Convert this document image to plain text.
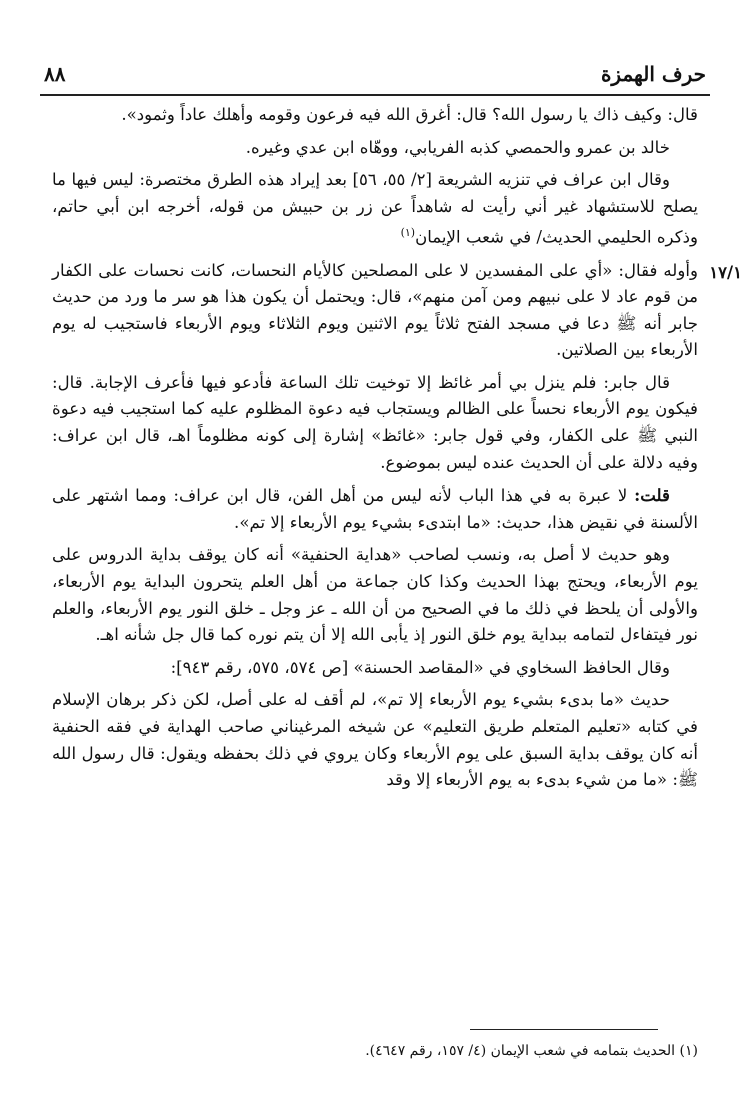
٨٨	حرف الهمزة
١٧/١

قال: وكيف ذاك يا رسول الله؟ قال: أغرق الله فيه فرعون وقومه وأهلك عاداً وثمود».

خالد بن عمرو والحمصي كذبه الفريابي، ووهّاه ابن عدي وغيره.

وقال ابن عراف في تنزيه الشريعة [٢/ ٥٥، ٥٦] بعد إيراد هذه الطرق مختصرة: ليس فيها ما يصلح للاستشهاد غير أني رأيت له شاهداً عن زر بن حبيش من قوله، أخرجه ابن أبي حاتم، وذكره الحليمي الحديث/ في شعب الإيمان$^{(١)}$

وأوله فقال: «أي على المفسدين لا على المصلحين كالأيام النحسات، كانت نحسات على الكفار من قوم عاد لا على نبيهم ومن آمن منهم»، قال: ويحتمل أن يكون هذا هو سر ما ورد من حديث جابر أنه ﷺ دعا في مسجد الفتح ثلاثاً يوم الاثنين ويوم الثلاثاء ويوم الأربعاء فاستجيب له يوم الأربعاء بين الصلاتين.

قال جابر: فلم ينزل بي أمر غائظ إلا توخيت تلك الساعة فأدعو فيها فأعرف الإجابة. قال: فيكون يوم الأربعاء نحساً على الظالم ويستجاب فيه دعوة المظلوم عليه كما استجيب فيه دعوة النبي ﷺ على الكفار، وفي قول جابر: «غائظ» إشارة إلى كونه مظلوماً اهـ، قال ابن عراف: وفيه دلالة على أن الحديث عنده ليس بموضوع.

قلت: لا عبرة به في هذا الباب لأنه ليس من أهل الفن، قال ابن عراف: ومما اشتهر على الألسنة في نقيض هذا، حديث: «ما ابتدىء بشيء يوم الأربعاء إلا تم».

وهو حديث لا أصل به، ونسب لصاحب «هداية الحنفية» أنه كان يوقف بداية الدروس على يوم الأربعاء، ويحتج بهذا الحديث وكذا كان جماعة من أهل العلم يتحرون البداية يوم الأربعاء، والأولى أن يلحظ في ذلك ما في الصحيح من أن الله ـ عز وجل ـ خلق النور يوم الأربعاء، والعلم نور فيتفاءل لتمامه ببداية يوم خلق النور إذ يأبى الله إلا أن يتم نوره كما قال جل شأنه اهـ.

وقال الحافظ السخاوي في «المقاصد الحسنة» [ص ٥٧٤، ٥٧٥، رقم ٩٤٣]:

حديث «ما بدىء بشيء يوم الأربعاء إلا تم»، لم أقف له على أصل، لكن ذكر برهان الإسلام في كتابه «تعليم المتعلم طريق التعليم» عن شيخه المرغيناني صاحب الهداية في فقه الحنفية أنه كان يوقف بداية السبق على يوم الأربعاء وكان يروي في ذلك بحفظه ويقول: قال رسول الله ﷺ: «ما من شيء بدىء به يوم الأربعاء إلا وقد

(١) الحديث بتمامه في شعب الإيمان (٤/ ١٥٧، رقم ٤٦٤٧).
